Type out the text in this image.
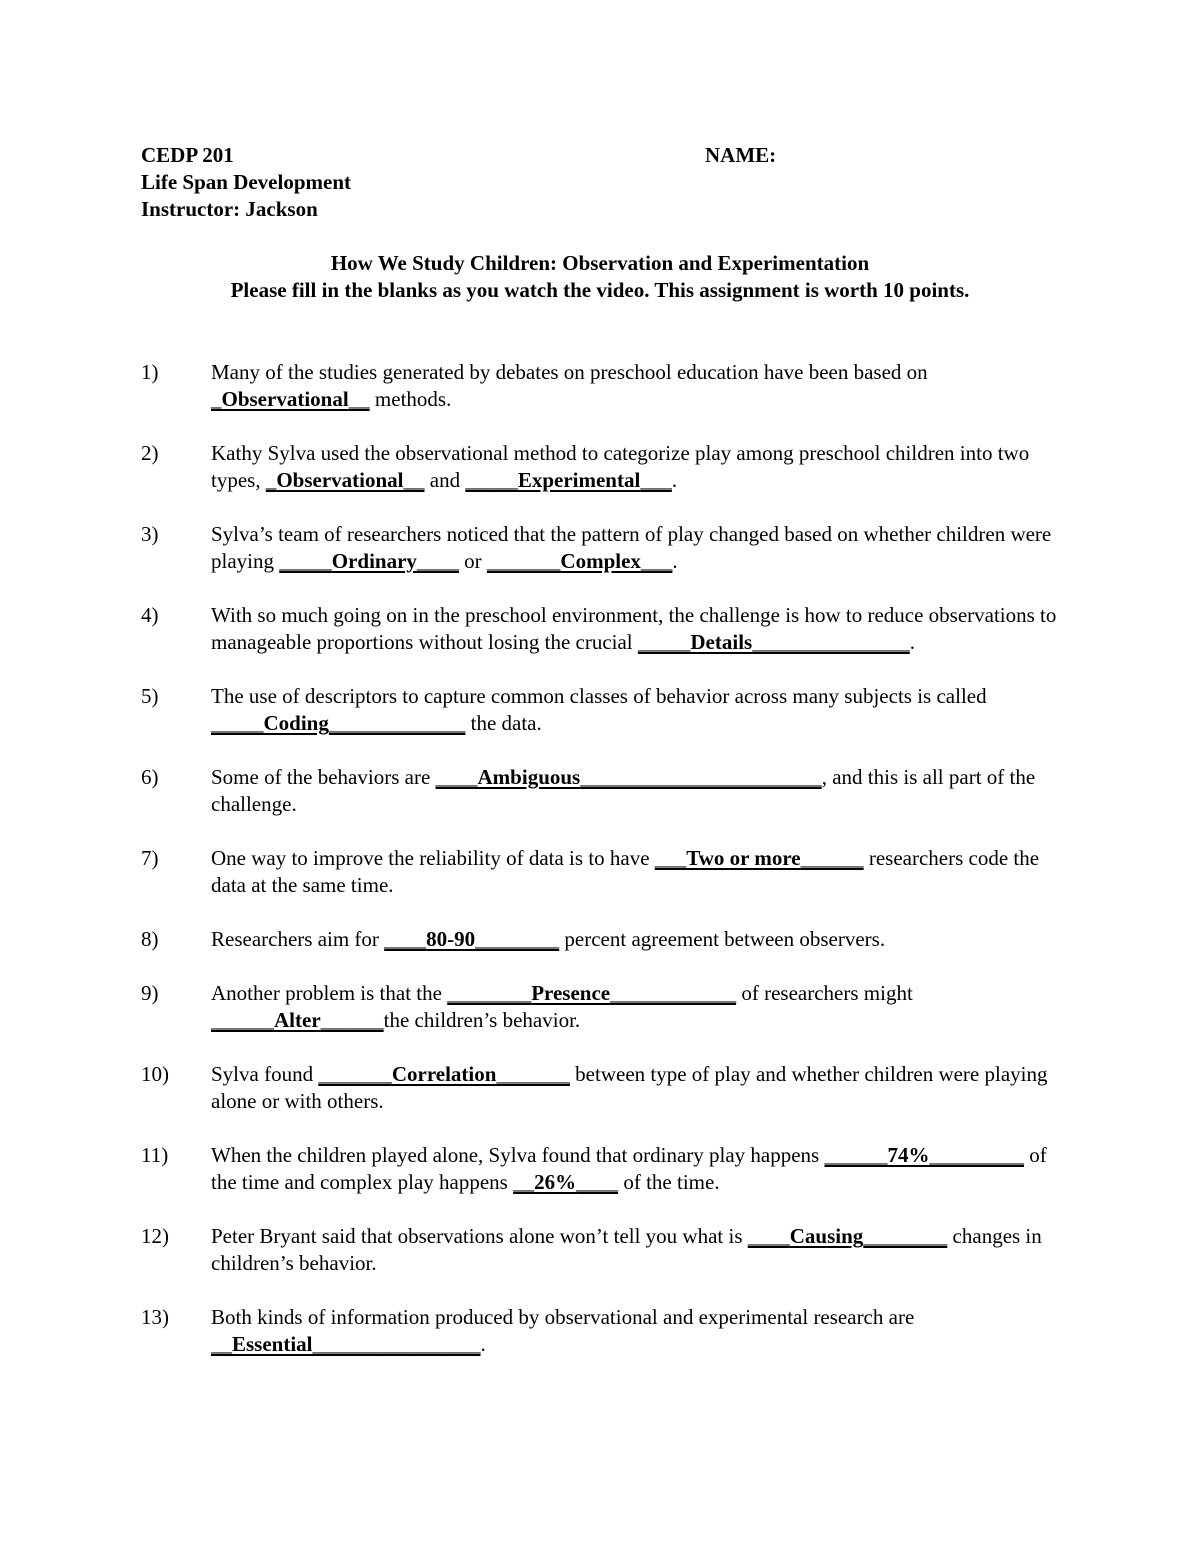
CEDP 201	NAME:
Life Span Development
Instructor: Jackson
How We Study Children: Observation and Experimentation
Please fill in the blanks as you watch the video. This assignment is worth 10 points.
1)	Many of the studies generated by debates on preschool education have been based on _Observational__ methods.
2)	Kathy Sylva used the observational method to categorize play among preschool children into two types, _Observational__ and _____Experimental___.
3)	Sylva’s team of researchers noticed that the pattern of play changed based on whether children were playing _____Ordinary____ or _______Complex___.
4)	With so much going on in the preschool environment, the challenge is how to reduce observations to manageable proportions without losing the crucial _____Details_______________.
5)	The use of descriptors to capture common classes of behavior across many subjects is called _____Coding_____________ the data.
6)	Some of the behaviors are ____Ambiguous_______________________, and this is all part of the challenge.
7)	One way to improve the reliability of data is to have ___Two or more______ researchers code the data at the same time.
8)	Researchers aim for ____80-90________ percent agreement between observers.
9)	Another problem is that the ________Presence____________ of researchers might ______Alter______the children’s behavior.
10) Sylva found _______Correlation_______ between type of play and whether children were playing alone or with others.
11) When the children played alone, Sylva found that ordinary play happens ______74%_________ of the time and complex play happens __26%____ of the time.
12) Peter Bryant said that observations alone won’t tell you what is ____Causing________ changes in children’s behavior.
13) Both kinds of information produced by observational and experimental research are __Essential________________.
